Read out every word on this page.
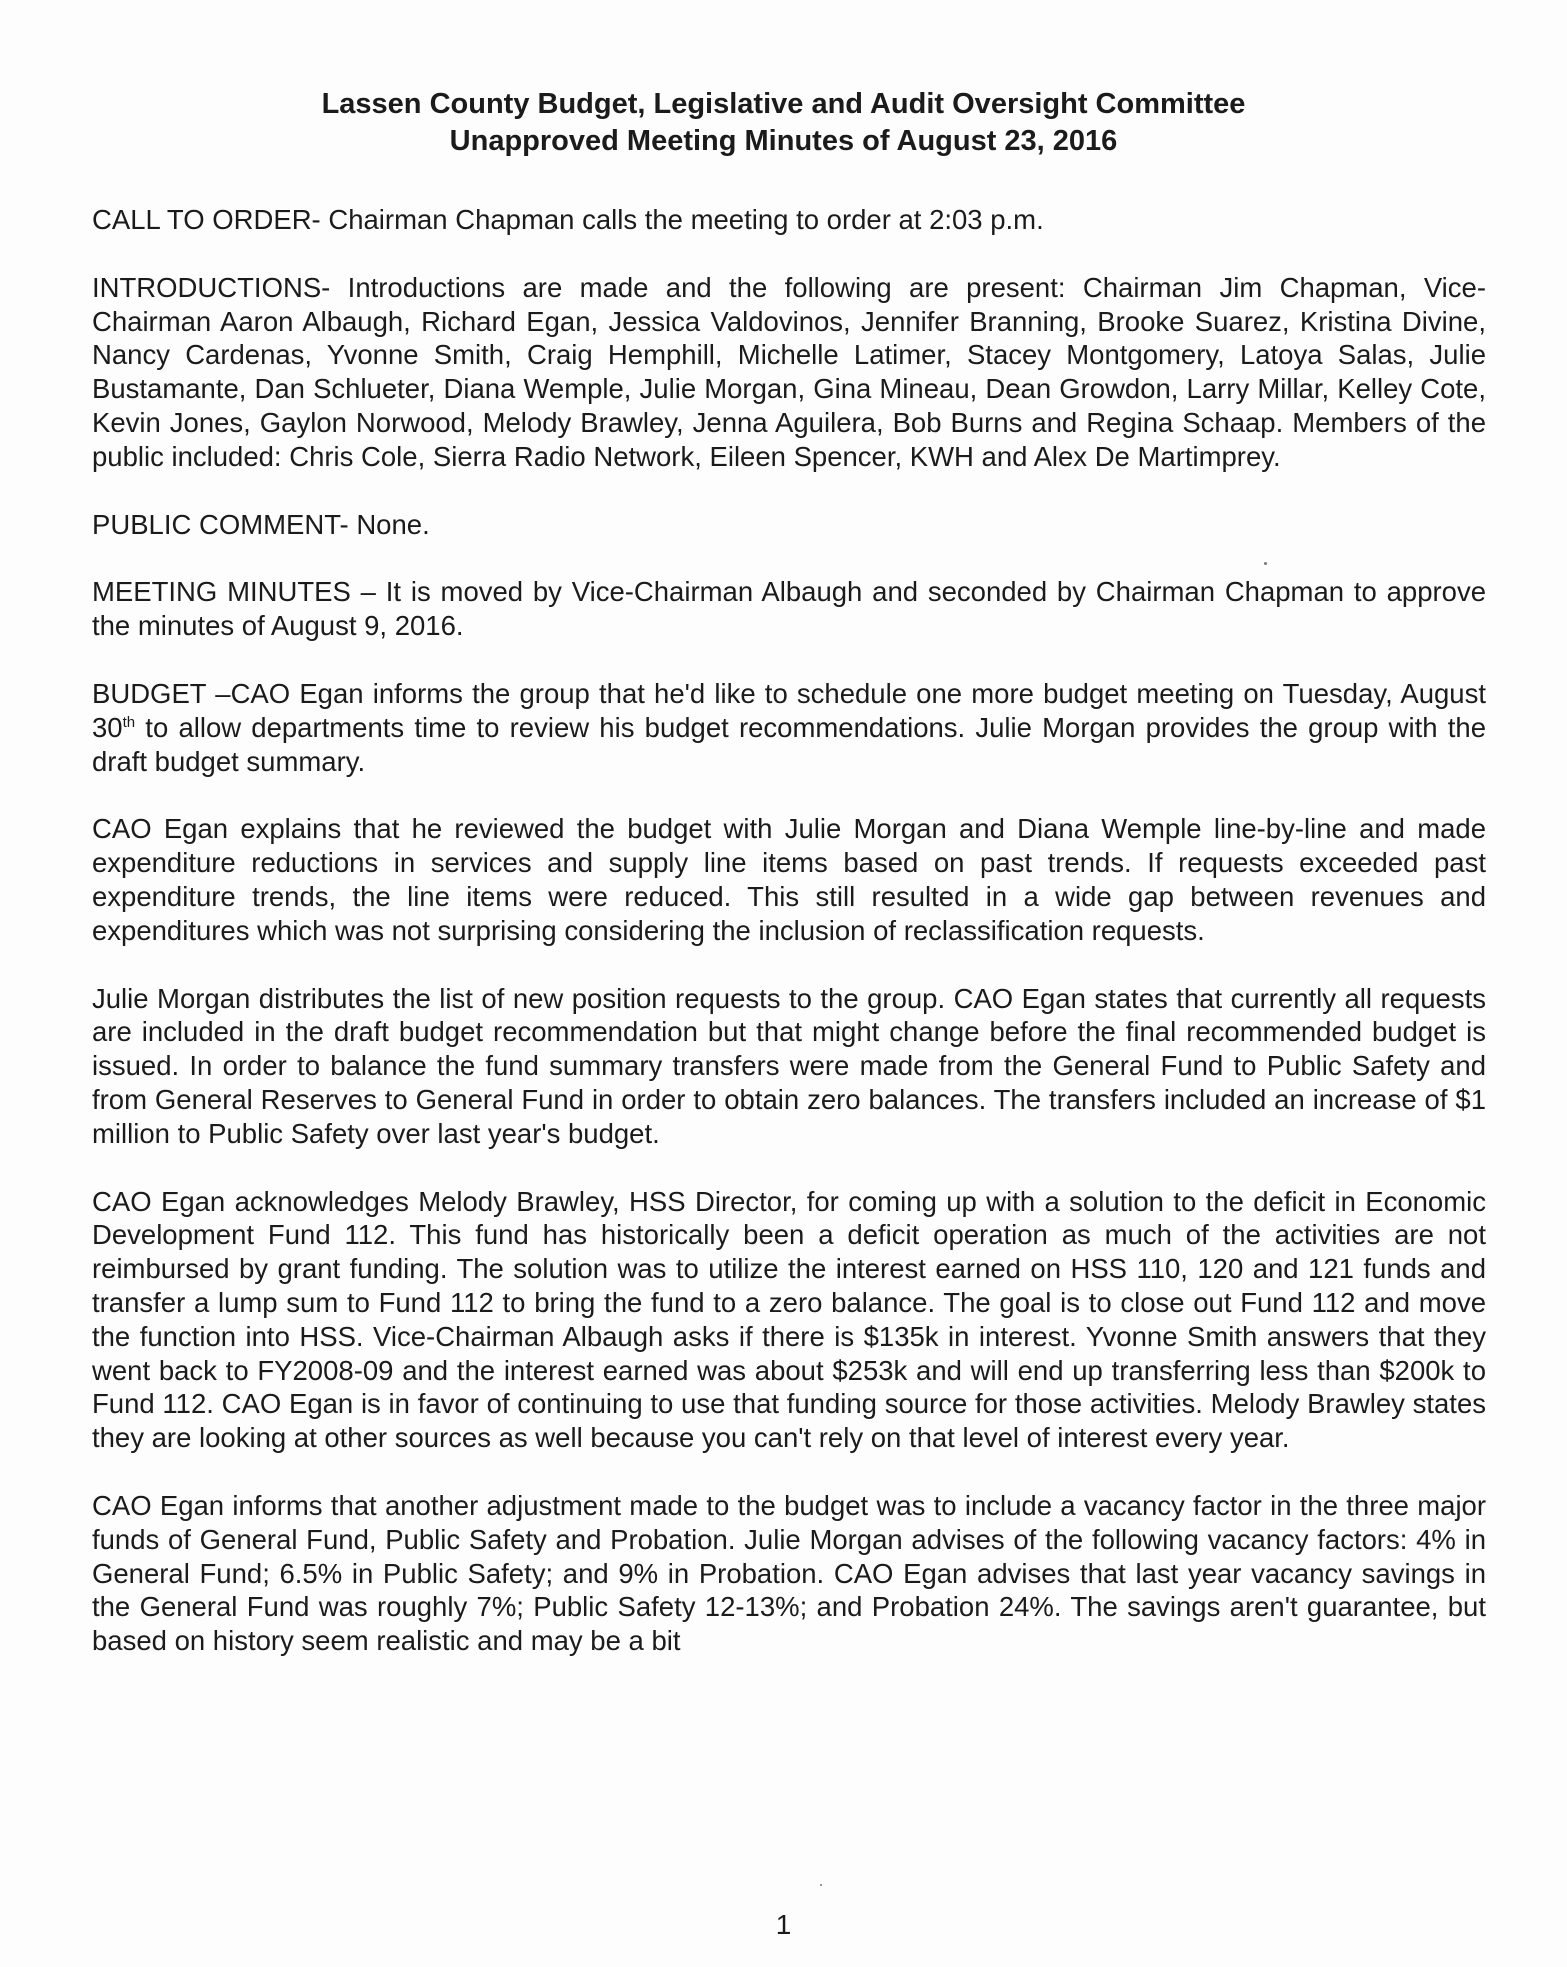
Lassen County Budget, Legislative and Audit Oversight Committee
Unapproved Meeting Minutes of August 23, 2016

CALL TO ORDER- Chairman Chapman calls the meeting to order at 2:03 p.m.

INTRODUCTIONS- Introductions are made and the following are present: Chairman Jim Chapman, Vice-Chairman Aaron Albaugh, Richard Egan, Jessica Valdovinos, Jennifer Branning, Brooke Suarez, Kristina Divine, Nancy Cardenas, Yvonne Smith, Craig Hemphill, Michelle Latimer, Stacey Montgomery, Latoya Salas, Julie Bustamante, Dan Schlueter, Diana Wemple, Julie Morgan, Gina Mineau, Dean Growdon, Larry Millar, Kelley Cote, Kevin Jones, Gaylon Norwood, Melody Brawley, Jenna Aguilera, Bob Burns and Regina Schaap. Members of the public included: Chris Cole, Sierra Radio Network, Eileen Spencer, KWH and Alex De Martimprey.

PUBLIC COMMENT- None.

MEETING MINUTES – It is moved by Vice-Chairman Albaugh and seconded by Chairman Chapman to approve the minutes of August 9, 2016.

BUDGET –CAO Egan informs the group that he'd like to schedule one more budget meeting on Tuesday, August 30th to allow departments time to review his budget recommendations. Julie Morgan provides the group with the draft budget summary.

CAO Egan explains that he reviewed the budget with Julie Morgan and Diana Wemple line-by-line and made expenditure reductions in services and supply line items based on past trends. If requests exceeded past expenditure trends, the line items were reduced. This still resulted in a wide gap between revenues and expenditures which was not surprising considering the inclusion of reclassification requests.

Julie Morgan distributes the list of new position requests to the group. CAO Egan states that currently all requests are included in the draft budget recommendation but that might change before the final recommended budget is issued. In order to balance the fund summary transfers were made from the General Fund to Public Safety and from General Reserves to General Fund in order to obtain zero balances. The transfers included an increase of $1 million to Public Safety over last year's budget.

CAO Egan acknowledges Melody Brawley, HSS Director, for coming up with a solution to the deficit in Economic Development Fund 112. This fund has historically been a deficit operation as much of the activities are not reimbursed by grant funding. The solution was to utilize the interest earned on HSS 110, 120 and 121 funds and transfer a lump sum to Fund 112 to bring the fund to a zero balance. The goal is to close out Fund 112 and move the function into HSS. Vice-Chairman Albaugh asks if there is $135k in interest. Yvonne Smith answers that they went back to FY2008-09 and the interest earned was about $253k and will end up transferring less than $200k to Fund 112. CAO Egan is in favor of continuing to use that funding source for those activities. Melody Brawley states they are looking at other sources as well because you can't rely on that level of interest every year.

CAO Egan informs that another adjustment made to the budget was to include a vacancy factor in the three major funds of General Fund, Public Safety and Probation. Julie Morgan advises of the following vacancy factors: 4% in General Fund; 6.5% in Public Safety; and 9% in Probation. CAO Egan advises that last year vacancy savings in the General Fund was roughly 7%; Public Safety 12-13%; and Probation 24%. The savings aren't guarantee, but based on history seem realistic and may be a bit

1
